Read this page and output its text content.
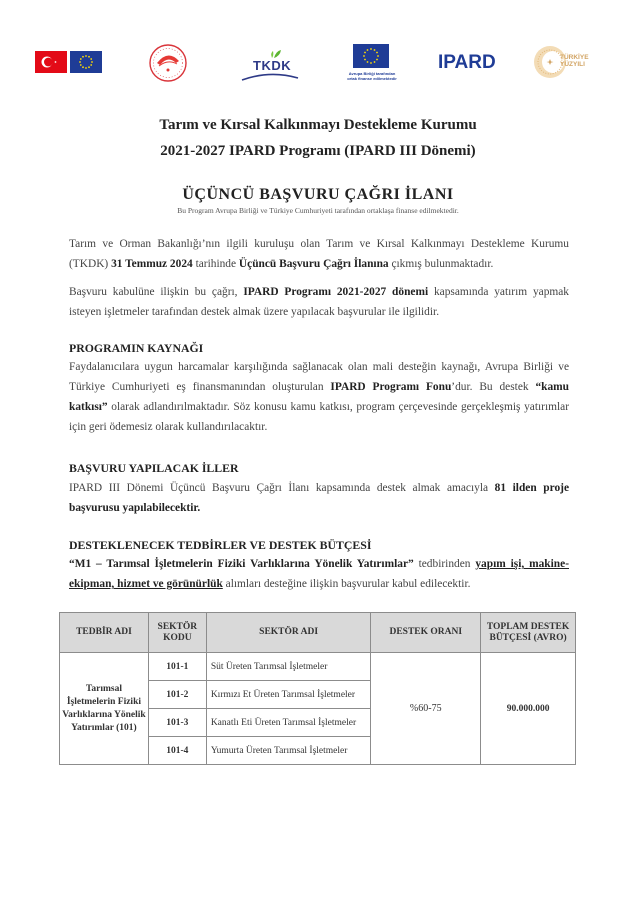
TKDK
Avrupa Birliği tarafından
ortak finanse edilmektedir
IPARD	TÜRKİYE
YÜZYILI
Tarım ve Kırsal Kalkınmayı Destekleme Kurumu
2021-2027 IPARD Programı (IPARD III Dönemi)
ÜÇÜNCÜ BAŞVURU ÇAĞRI İLANI
Bu Program Avrupa Birliği ve Türkiye Cumhuriyeti tarafından ortaklaşa finanse edilmektedir.
Tarım ve Orman Bakanlığı’nın ilgili kuruluşu olan Tarım ve Kırsal Kalkınmayı Destekleme Kurumu (TKDK) 31 Temmuz 2024 tarihinde Üçüncü Başvuru Çağrı İlanına çıkmış bulunmaktadır.
Başvuru kabulüne ilişkin bu çağrı, IPARD Programı 2021-2027 dönemi kapsamında yatırım yapmak isteyen işletmeler tarafından destek almak üzere yapılacak başvurular ile ilgilidir.
PROGRAMIN KAYNAĞI
Faydalanıcılara uygun harcamalar karşılığında sağlanacak olan mali desteğin kaynağı, Avrupa Birliği ve Türkiye Cumhuriyeti eş finansmanından oluşturulan IPARD Programı Fonu’dur. Bu destek “kamu katkısı” olarak adlandırılmaktadır. Söz konusu kamu katkısı, program çerçevesinde gerçekleşmiş yatırımlar için geri ödemesiz olarak kullandırılacaktır.
BAŞVURU YAPILACAK İLLER
IPARD III Dönemi Üçüncü Başvuru Çağrı İlanı kapsamında destek almak amacıyla 81 ilden proje başvurusu yapılabilecektir.
DESTEKLENECEK TEDBİRLER VE DESTEK BÜTÇESİ
“M1 – Tarımsal İşletmelerin Fiziki Varlıklarına Yönelik Yatırımlar” tedbirinden yapım işi, makine-ekipman, hizmet ve görünürlük alımları desteğine ilişkin başvurular kabul edilecektir.
TEDBİR ADI	SEKTÖR KODU	SEKTÖR ADI	DESTEK ORANI	TOPLAM DESTEK BÜTÇESİ (AVRO)
Tarımsal İşletmelerin Fiziki Varlıklarına Yönelik Yatırımlar (101)	101-1	Süt Üreten Tarımsal İşletmeler	%60-75	90.000.000
	101-2	Kırmızı Et Üreten Tarımsal İşletmeler		
	101-3	Kanatlı Eti Üreten Tarımsal İşletmeler		
	101-4	Yumurta Üreten Tarımsal İşletmeler		
